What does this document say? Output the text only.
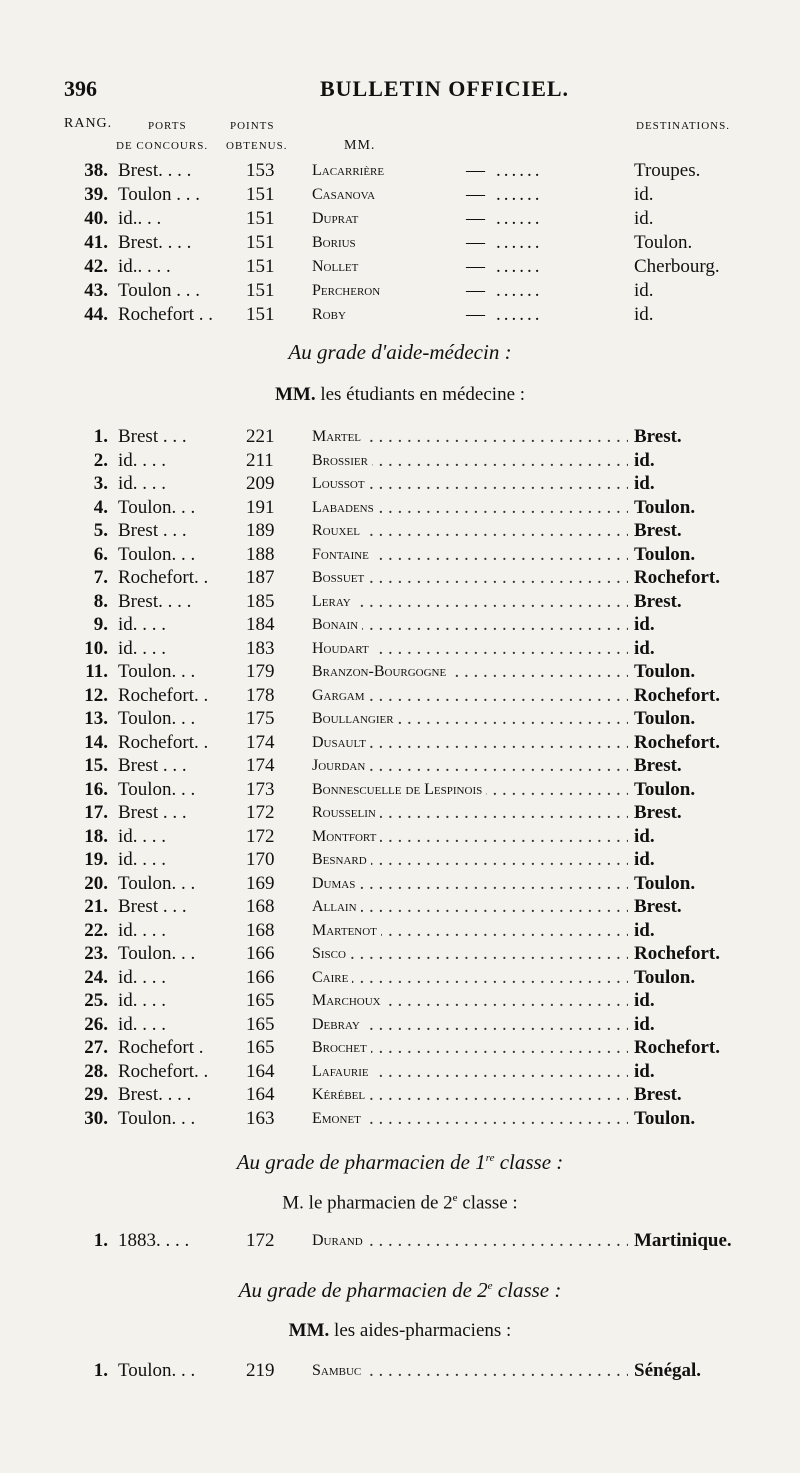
396	BULLETIN OFFICIEL.
RANG.	PORTS
DE CONCOURS.
POINTS
OBTENUS.	MM.
DESTINATIONS.
38. Brest. . . .	153 Lacarrière	— ......	Troupes.
39. Toulon . . . 151 Casanova	— ......	id.
40. id.. . .	151 Duprat	— ......	id.
41. Brest. . . .	151 Borius	— ......	Toulon.
42. id.. . . .	151 Nollet	— ......	Cherbourg.
43. Toulon . . . 151 Percheron	— ......	id.
44. Rochefort . . 151 Roby	— ......	id.
Au grade d'aide-médecin :
MM. les étudiants en médecine :
1. Brest . . .	221 . . . Martel	Brest.
2. id. . . .	211 . . . Brossier	id.
3. id. . . .	209 . . . Loussot	id.
4. Toulon. . .	191 . . . Labadens	Toulon.
5. Brest . . .	189 . . . Rouxel	Brest.
6. Toulon. . .	188 . . . Fontaine	Toulon.
7. Rochefort. . 187 . . . Bossuet	Rochefort.
8. Brest. . . .	185 . . . Leray	Brest.
9. id. . . .	184 . . . Bonain	id.
10. id. . . .	183 . . . Houdart	id.
11. Toulon. . .	179 . . . Branzon-Bourgogne	Toulon.
12. Rochefort. . 178 . . . Gargam	Rochefort.
13. Toulon. . .	175 . . . Boullangier	Toulon.
14. Rochefort. . 174 . . . Dusault	Rochefort.
15. Brest . . .	174 . . . Jourdan	Brest.
16. Toulon. . .	173 . . . Bonnescuelle de Lespinois	Toulon.
17. Brest . . .	172 . . . Rousselin	Brest.
18. id. . . .	172 . . . Montfort	id.
19. id. . . .	170 . . . Besnard	id.
20. Toulon. . .	169 . . . Dumas	Toulon.
21. Brest . . .	168 . . . Allain	Brest.
22. id. . . .	168 . . . Martenot	id.
23. Toulon. . .	166 . . . Sisco	Rochefort.
24. id. . . .	166 . . . Caire	Toulon.
25. id. . . .	165 . . . Marchoux	id.
26. id. . . .	165 . . . Debray	id.
27. Rochefort . 165 . . . Brochet	Rochefort.
28. Rochefort. . 164 . . . Lafaurie	id.
29. Brest. . . .	164 . . . Kérébel	Brest.
30. Toulon. . .	163 . . . Emonet	Toulon.
Au grade de pharmacien de 1re classe :
M. le pharmacien de 2e classe :
1. 1883. . . .	172 . . . Durand	Martinique.
Au grade de pharmacien de 2e classe :
MM. les aides-pharmaciens :
1. Toulon. . .	219 . . . Sambuc	Sénégal.
